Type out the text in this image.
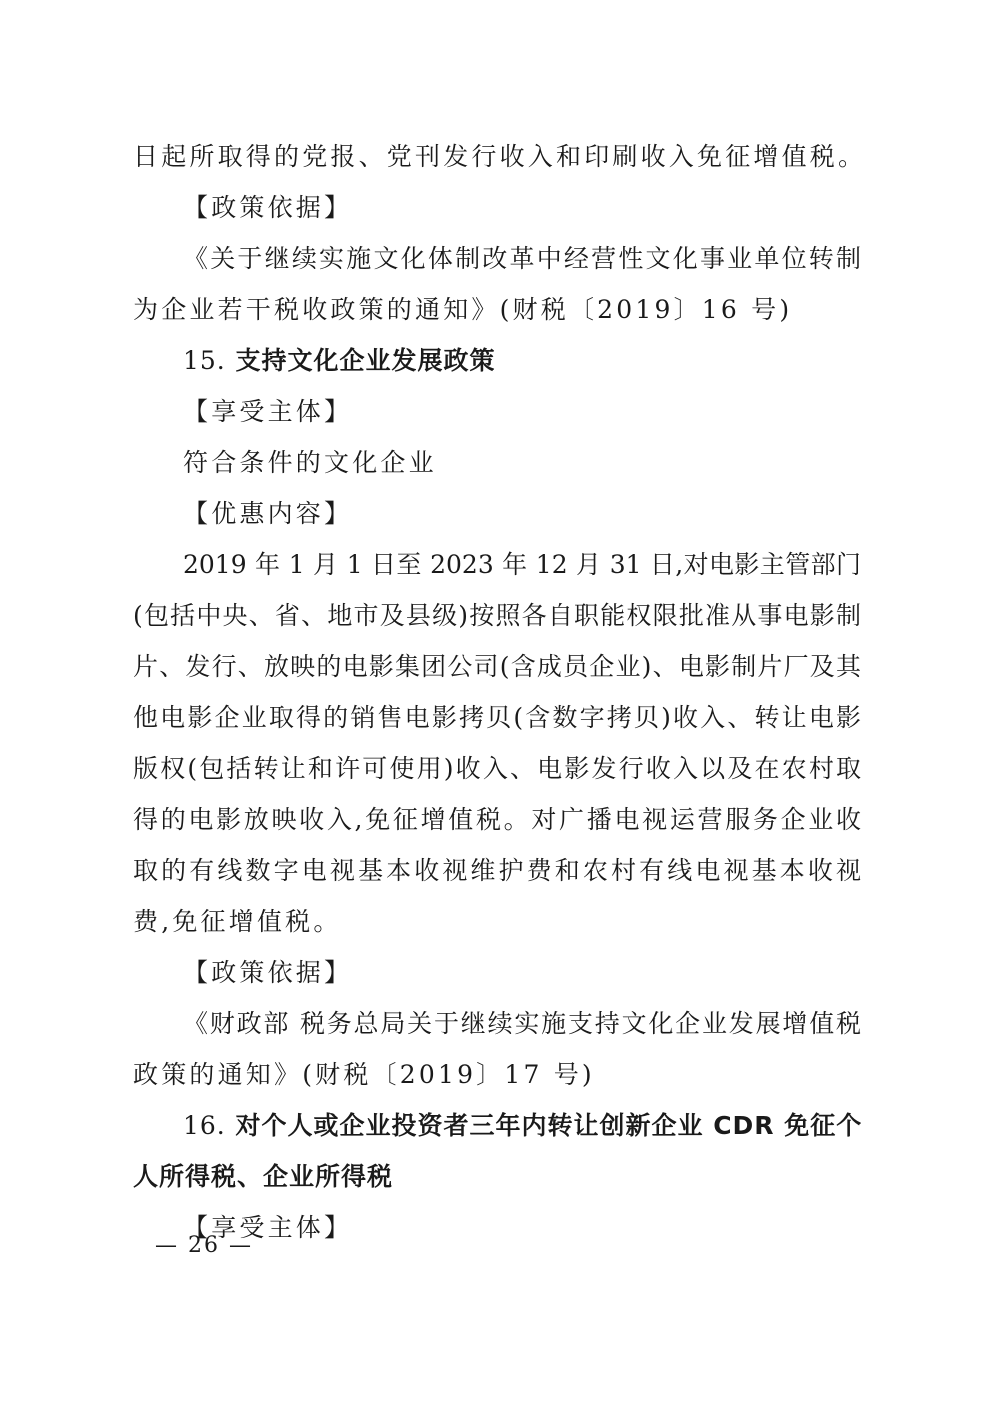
日起所取得的党报、党刊发行收入和印刷收入免征增值税。
【政策依据】
《关于继续实施文化体制改革中经营性文化事业单位转制
为企业若干税收政策的通知》(财税〔2019〕16 号)
15. 支持文化企业发展政策
【享受主体】
符合条件的文化企业
【优惠内容】
2019 年 1 月 1 日至 2023 年 12 月 31 日,对电影主管部门
(包括中央、省、地市及县级)按照各自职能权限批准从事电影制
片、发行、放映的电影集团公司(含成员企业)、电影制片厂及其
他电影企业取得的销售电影拷贝(含数字拷贝)收入、转让电影
版权(包括转让和许可使用)收入、电影发行收入以及在农村取
得的电影放映收入,免征增值税。对广播电视运营服务企业收
取的有线数字电视基本收视维护费和农村有线电视基本收视
费,免征增值税。
【政策依据】
《财政部 税务总局关于继续实施支持文化企业发展增值税
政策的通知》(财税〔2019〕17 号)
16. 对个人或企业投资者三年内转让创新企业 CDR 免征个
人所得税、企业所得税
【享受主体】
— 26 —
